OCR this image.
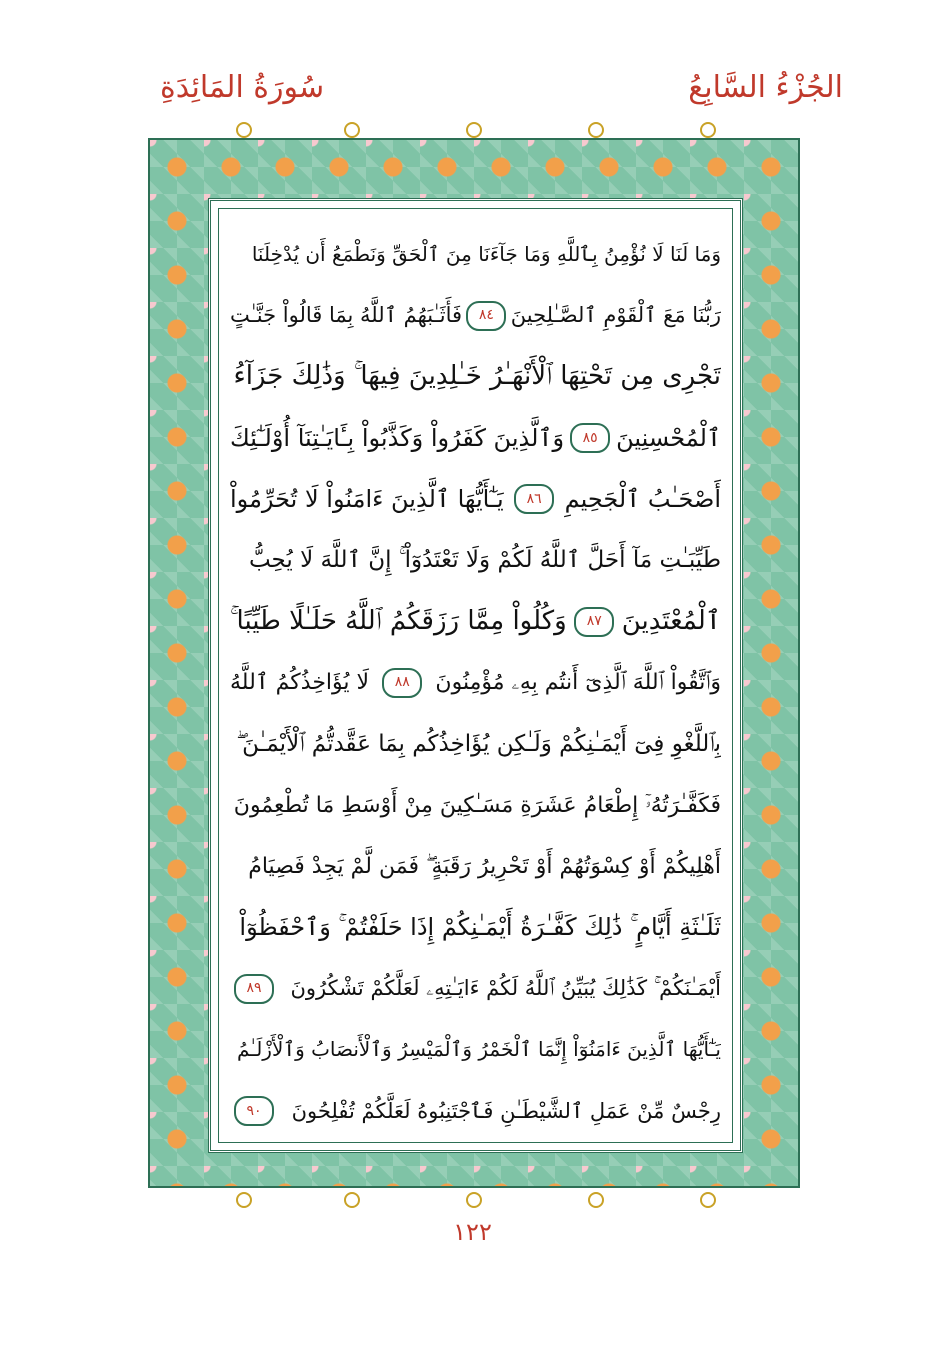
الجُزْءُ السَّابِعُ
سُورَةُ المَائِدَةِ
وَمَا لَنَا لَا نُؤْمِنُ بِٱللَّهِ وَمَا جَآءَنَا مِنَ ٱلْحَقِّ وَنَطْمَعُ أَن يُدْخِلَنَا
رَبُّنَا مَعَ ٱلْقَوْمِ ٱلصَّـٰلِحِينَ
٨٤
فَأَثَـٰبَهُمُ ٱللَّهُ بِمَا قَالُواْ جَنَّـٰتٍ
تَجْرِى مِن تَحْتِهَا ٱلْأَنْهَـٰرُ خَـٰلِدِينَ فِيهَا ۚ وَذَٰلِكَ جَزَآءُ
ٱلْمُحْسِنِينَ
٨٥
وَٱلَّذِينَ كَفَرُواْ وَكَذَّبُواْ بِـَٔايَـٰتِنَآ أُوْلَـٰٓئِكَ
أَصْحَـٰبُ ٱلْجَحِيمِ
٨٦
يَـٰٓأَيُّهَا ٱلَّذِينَ ءَامَنُواْ لَا تُحَرِّمُواْ
طَيِّبَـٰتِ مَآ أَحَلَّ ٱللَّهُ لَكُمْ وَلَا تَعْتَدُوٓاْ ۚ إِنَّ ٱللَّهَ لَا يُحِبُّ
ٱلْمُعْتَدِينَ
٨٧
وَكُلُواْ مِمَّا رَزَقَكُمُ ٱللَّهُ حَلَـٰلًا طَيِّبًا ۚ
وَٱتَّقُواْ ٱللَّهَ ٱلَّذِىٓ أَنتُم بِهِۦ مُؤْمِنُونَ
٨٨
لَا يُؤَاخِذُكُمُ ٱللَّهُ
بِٱللَّغْوِ فِىٓ أَيْمَـٰنِكُمْ وَلَـٰكِن يُؤَاخِذُكُم بِمَا عَقَّدتُّمُ ٱلْأَيْمَـٰنَ ۖ
فَكَفَّـٰرَتُهُۥٓ إِطْعَامُ عَشَرَةِ مَسَـٰكِينَ مِنْ أَوْسَطِ مَا تُطْعِمُونَ
أَهْلِيكُمْ أَوْ كِسْوَتُهُمْ أَوْ تَحْرِيرُ رَقَبَةٍ ۖ فَمَن لَّمْ يَجِدْ فَصِيَامُ
ثَلَـٰثَةِ أَيَّامٍ ۚ ذَٰلِكَ كَفَّـٰرَةُ أَيْمَـٰنِكُمْ إِذَا حَلَفْتُمْ ۚ وَٱحْفَظُوٓاْ
أَيْمَـٰنَكُمْ ۚ كَذَٰلِكَ يُبَيِّنُ ٱللَّهُ لَكُمْ ءَايَـٰتِهِۦ لَعَلَّكُمْ تَشْكُرُونَ
٨٩
يَـٰٓأَيُّهَا ٱلَّذِينَ ءَامَنُوٓاْ إِنَّمَا ٱلْخَمْرُ وَٱلْمَيْسِرُ وَٱلْأَنصَابُ وَٱلْأَزْلَـٰمُ
رِجْسٌ مِّنْ عَمَلِ ٱلشَّيْطَـٰنِ فَٱجْتَنِبُوهُ لَعَلَّكُمْ تُفْلِحُونَ
٩٠
١٢٢
